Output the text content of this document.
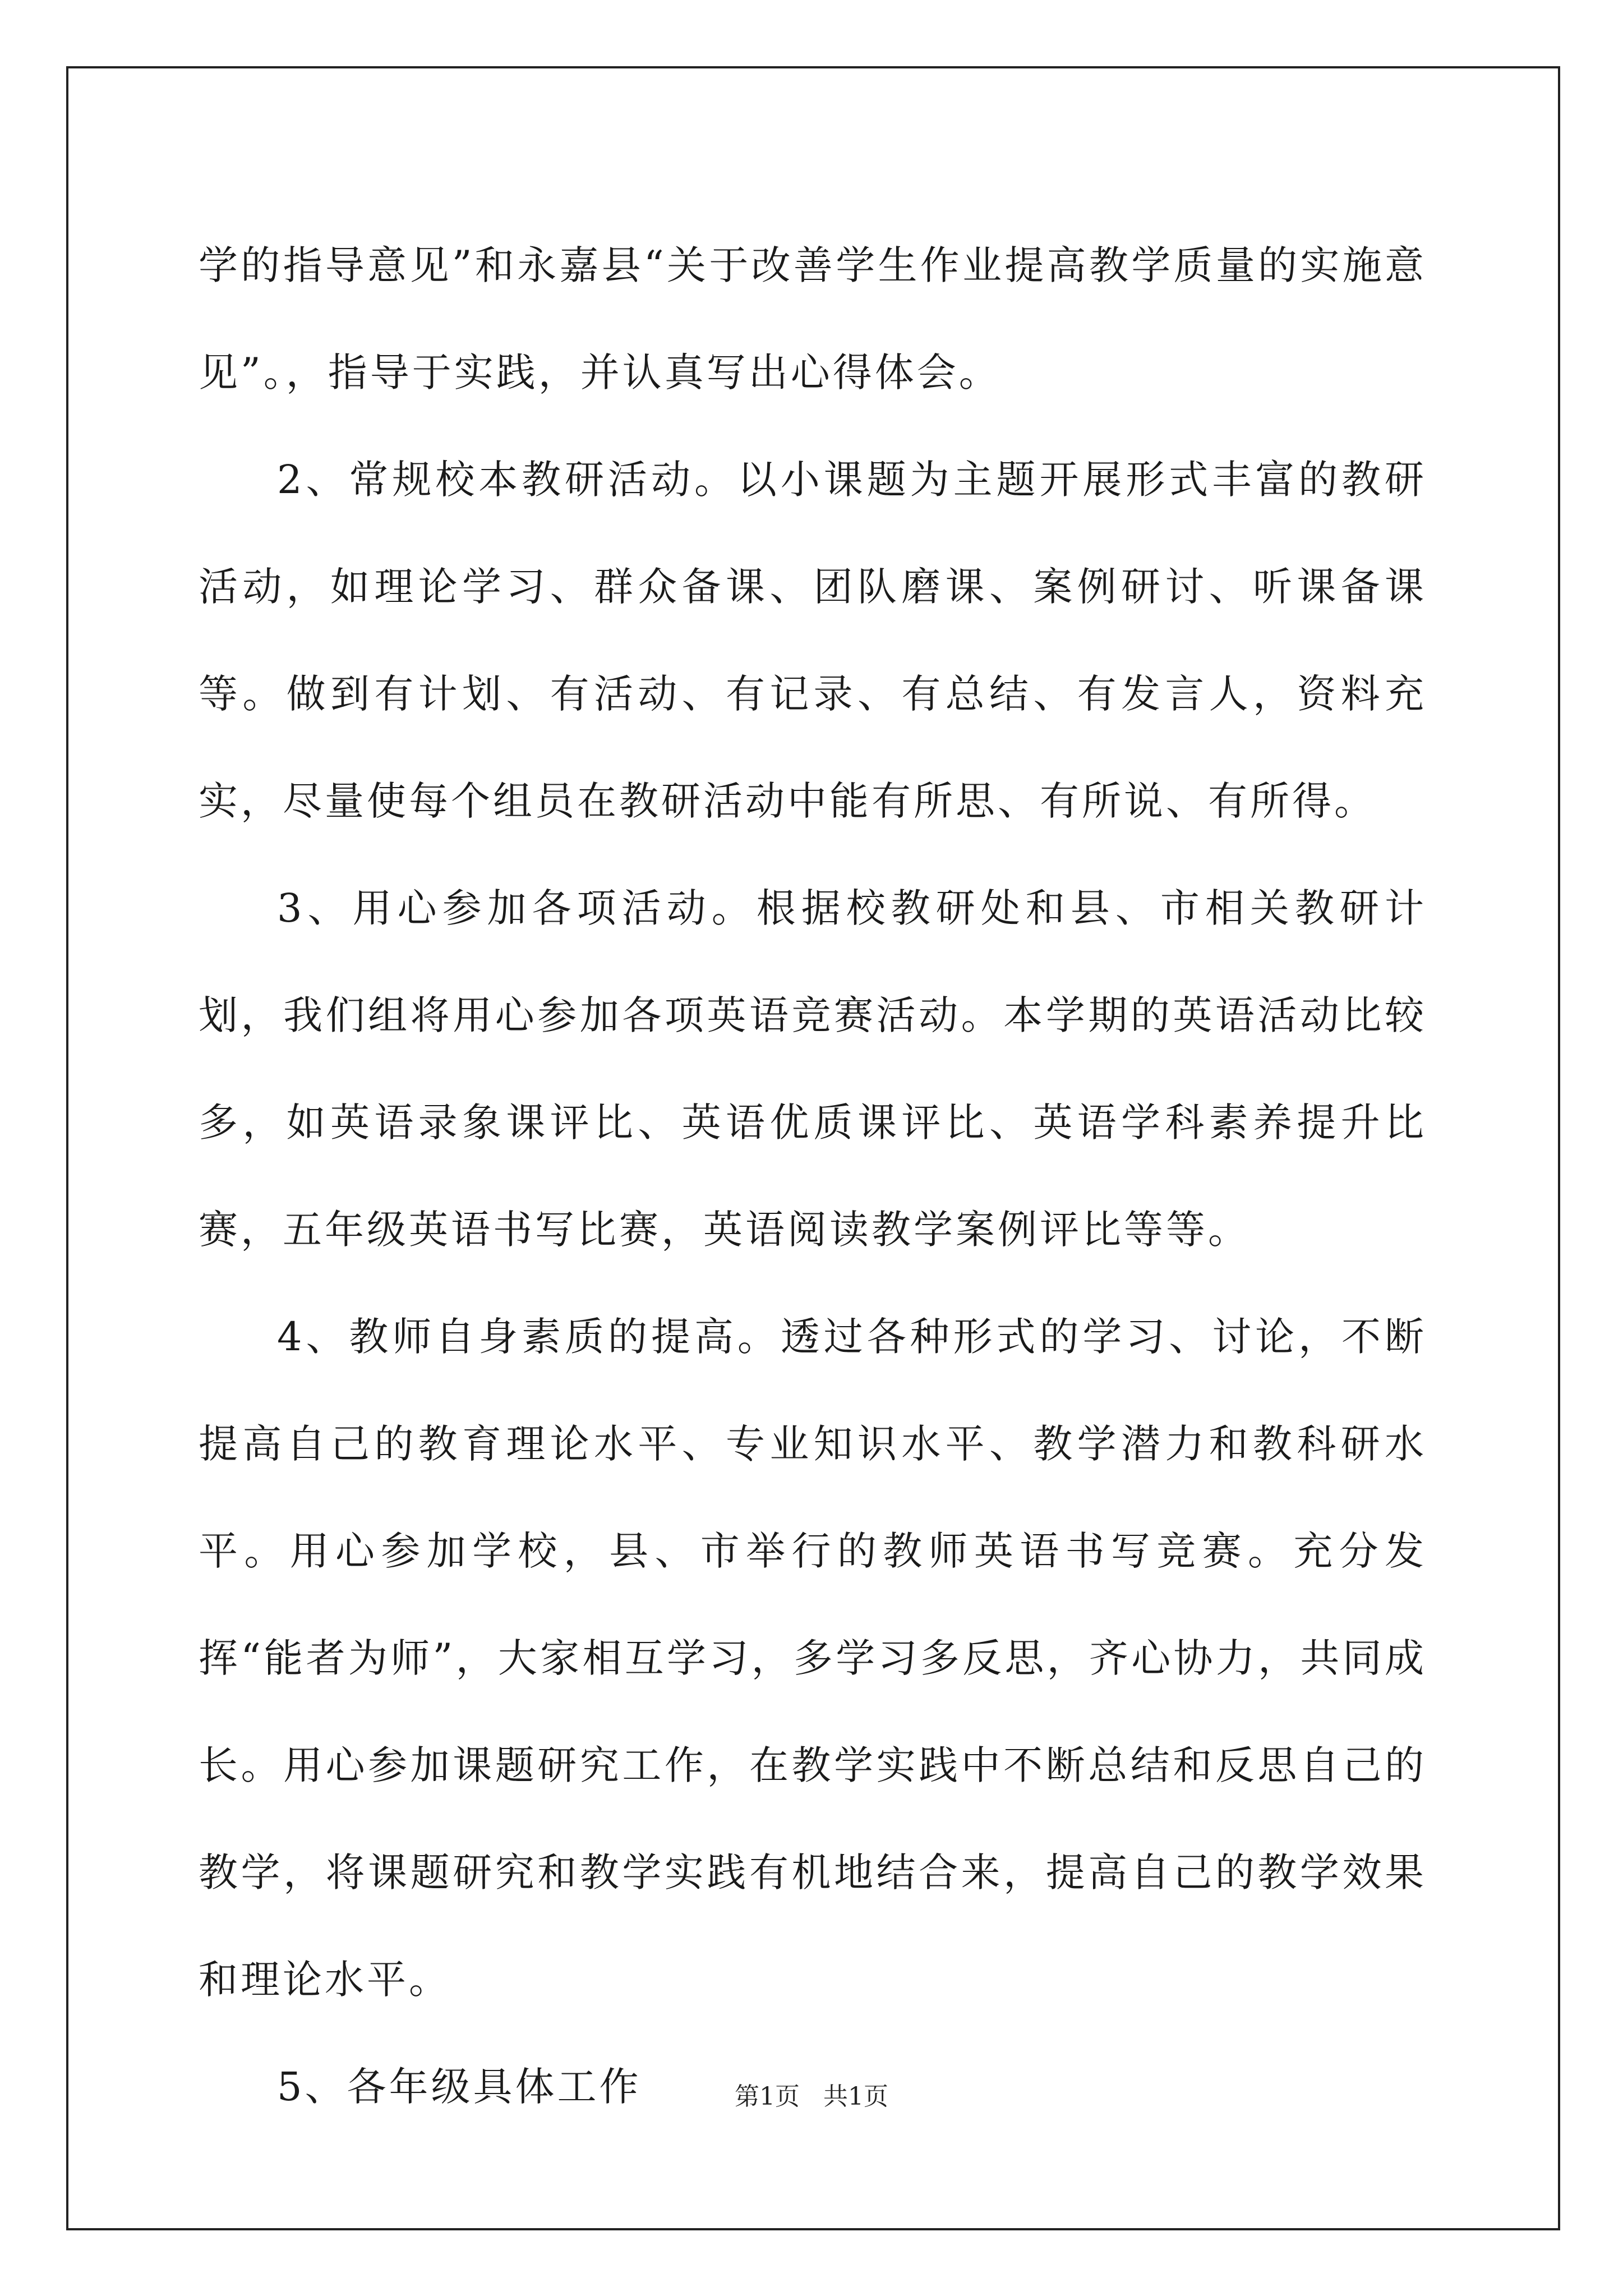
学的指导意见”和永嘉县“关于改善学生作业提高教学质量的实施意见”。，指导于实践，并认真写出心得体会。

2、常规校本教研活动。以小课题为主题开展形式丰富的教研活动，如理论学习、群众备课、团队磨课、案例研讨、听课备课等。做到有计划、有活动、有记录、有总结、有发言人，资料充实，尽量使每个组员在教研活动中能有所思、有所说、有所得。

3、用心参加各项活动。根据校教研处和县、市相关教研计划，我们组将用心参加各项英语竞赛活动。本学期的英语活动比较多，如英语录象课评比、英语优质课评比、英语学科素养提升比赛，五年级英语书写比赛，英语阅读教学案例评比等等。

4、教师自身素质的提高。透过各种形式的学习、讨论，不断提高自己的教育理论水平、专业知识水平、教学潜力和教科研水平。用心参加学校，县、市举行的教师英语书写竞赛。充分发挥“能者为师”，大家相互学习，多学习多反思，齐心协力，共同成长。用心参加课题研究工作，在教学实践中不断总结和反思自己的教学，将课题研究和教学实践有机地结合来，提高自己的教学效果和理论水平。

5、各年级具体工作	第1页 共1页
